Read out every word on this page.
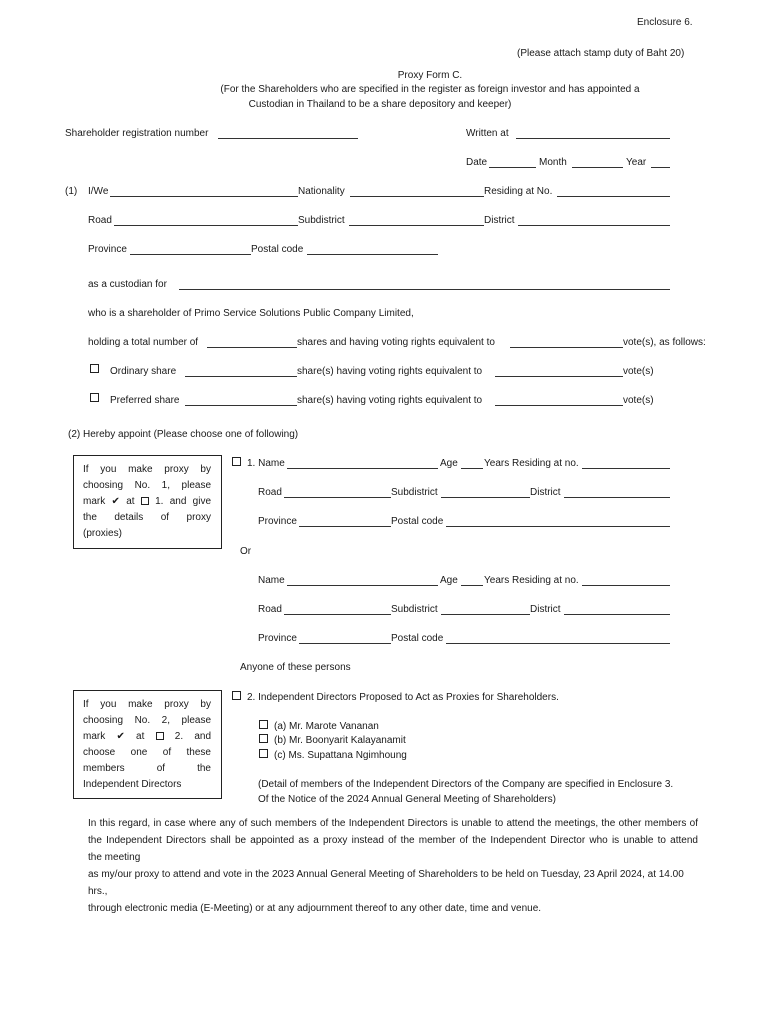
Enclosure 6.
(Please attach stamp duty of Baht 20)
Proxy Form C.
(For the Shareholders who are specified in the register as foreign investor and has appointed a
Custodian in Thailand to be a share depository and keeper)
Shareholder registration number	Written at
Date	Month	Year
(1) I/We	Nationality	Residing at No.
Road	Subdistrict	District
Province	Postal code
as a custodian for
who is a shareholder of Primo Service Solutions Public Company Limited,
holding a total number of	shares and having voting rights equivalent to	vote(s), as follows:
Ordinary share	share(s) having voting rights equivalent to	vote(s)
Preferred share	share(s) having voting rights equivalent to	vote(s)
(2) Hereby appoint (Please choose one of following)
If you make proxy by
choosing No. 1, please
mark ✔ at 1. and give
the details of proxy
(proxies)
1. Name	Age	Years Residing at no.
Road	Subdistrict	District
Province	Postal code
Or
Name	Age	Years Residing at no.
Road	Subdistrict	District
Province	Postal code
Anyone of these persons
If you make proxy by
choosing No. 2, please
mark ✔ at	2. and
choose one of these
members of the
Independent Directors
2. Independent Directors Proposed to Act as Proxies for Shareholders.
(a) Mr. Marote Vananan
(b) Mr. Boonyarit Kalayanamit
(c) Ms. Supattana Ngimhoung
(Detail of members of the Independent Directors of the Company are specified in Enclosure 3.
Of the Notice of the 2024 Annual General Meeting of Shareholders)
In this regard, in case where any of such members of the Independent Directors is unable to attend the meetings, the other members of
the Independent Directors shall be appointed as a proxy instead of the member of the Independent Director who is unable to attend
the meeting
as my/our proxy to attend and vote in the 2023 Annual General Meeting of Shareholders to be held on Tuesday, 23 April 2024, at 14.00 hrs.,
through electronic media (E-Meeting) or at any adjournment thereof to any other date, time and venue.
